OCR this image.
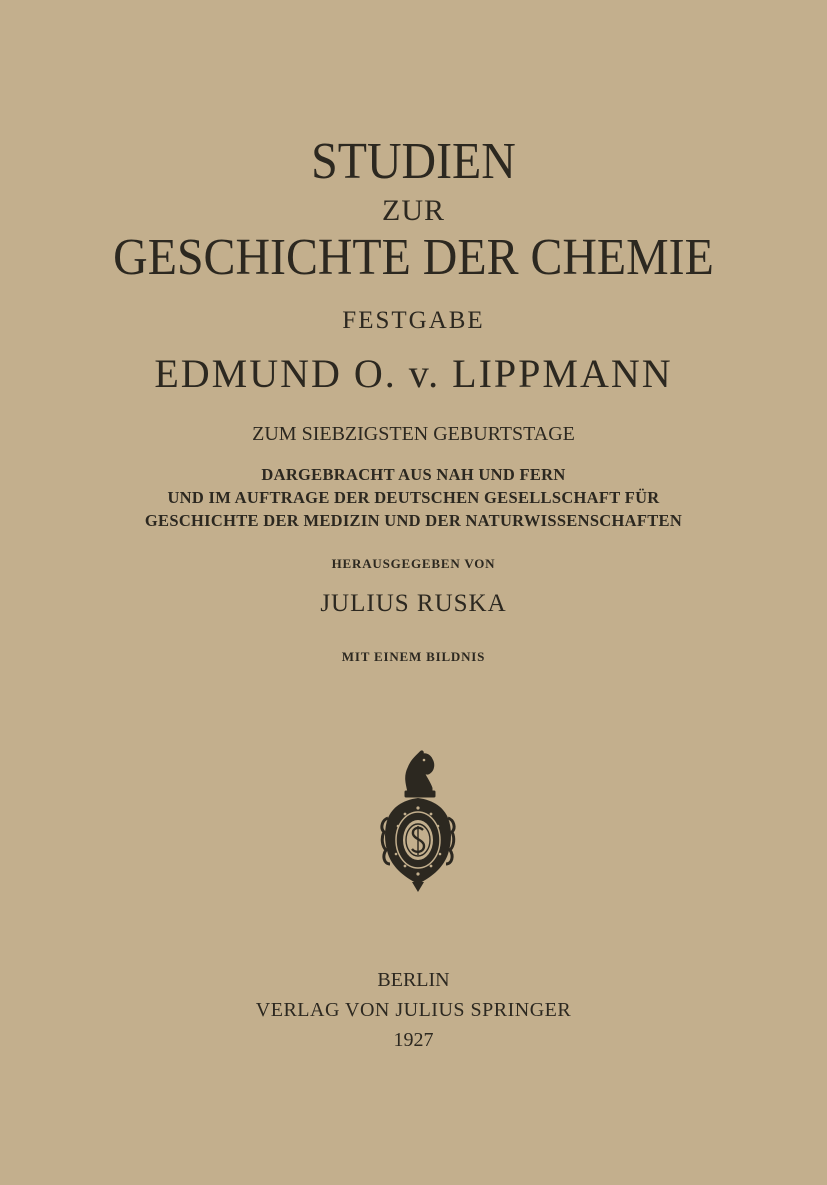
STUDIEN
ZUR
GESCHICHTE DER CHEMIE
FESTGABE
EDMUND O. v. LIPPMANN
ZUM SIEBZIGSTEN GEBURTSTAGE
DARGEBRACHT AUS NAH UND FERN
UND IM AUFTRAGE DER DEUTSCHEN GESELLSCHAFT FÜR
GESCHICHTE DER MEDIZIN UND DER NATURWISSENSCHAFTEN
HERAUSGEGEBEN VON
JULIUS RUSKA
MIT EINEM BILDNIS
BERLIN
VERLAG VON JULIUS SPRINGER
1927
